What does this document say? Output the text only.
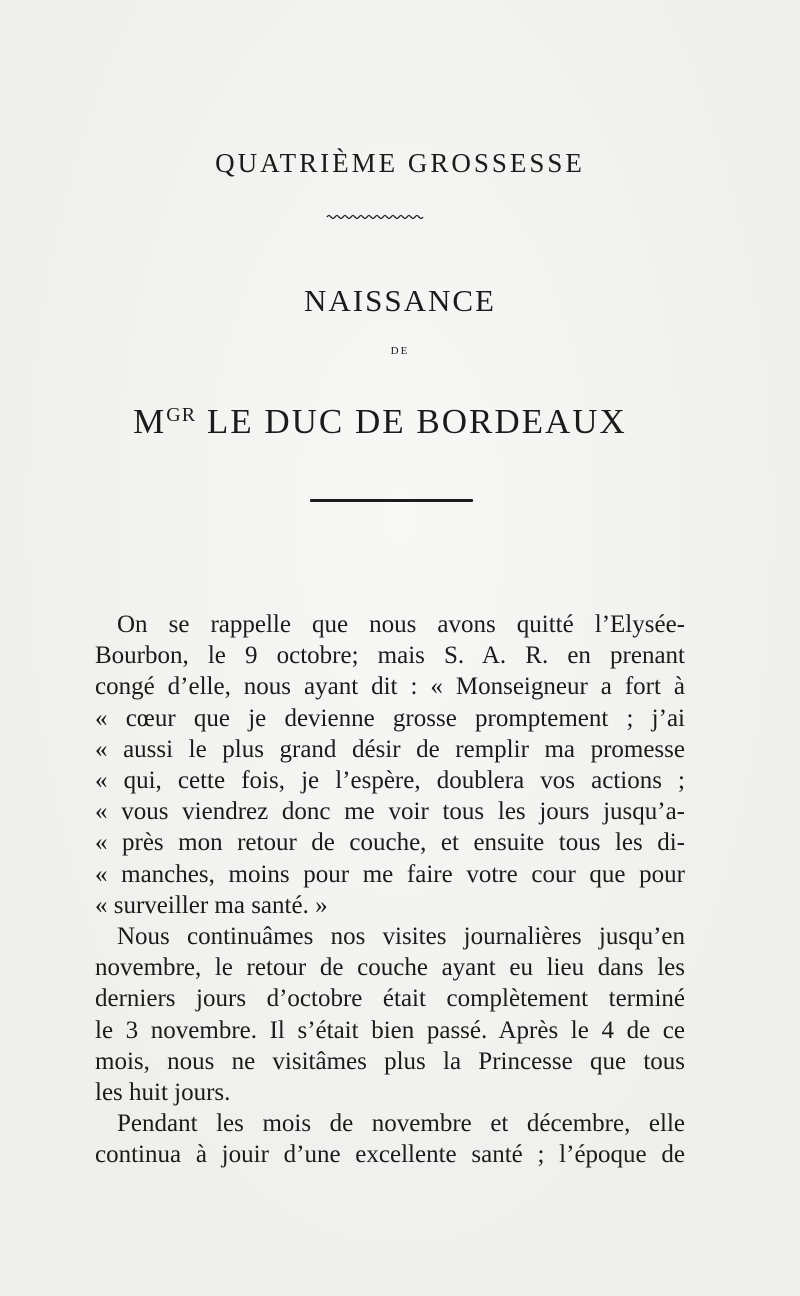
QUATRIÈME GROSSESSE
NAISSANCE
DE
$M^{GR}$ LE DUC DE BORDEAUX

On se rappelle que nous avons quitté l’Elysée-
Bourbon, le 9 octobre; mais S. A. R. en prenant
congé d’elle, nous ayant dit : « Monseigneur a fort à
« cœur que je devienne grosse promptement ; j’ai
« aussi le plus grand désir de remplir ma promesse
« qui, cette fois, je l’espère, doublera vos actions ;
« vous viendrez donc me voir tous les jours jusqu’a-
« près mon retour de couche, et ensuite tous les di-
« manches, moins pour me faire votre cour que pour
« surveiller ma santé. »

Nous continuâmes nos visites journalières jusqu’en
novembre, le retour de couche ayant eu lieu dans les
derniers jours d’octobre était complètement terminé
le 3 novembre. Il s’était bien passé. Après le 4 de ce
mois, nous ne visitâmes plus la Princesse que tous
les huit jours.

Pendant les mois de novembre et décembre, elle
continua à jouir d’une excellente santé ; l’époque de
